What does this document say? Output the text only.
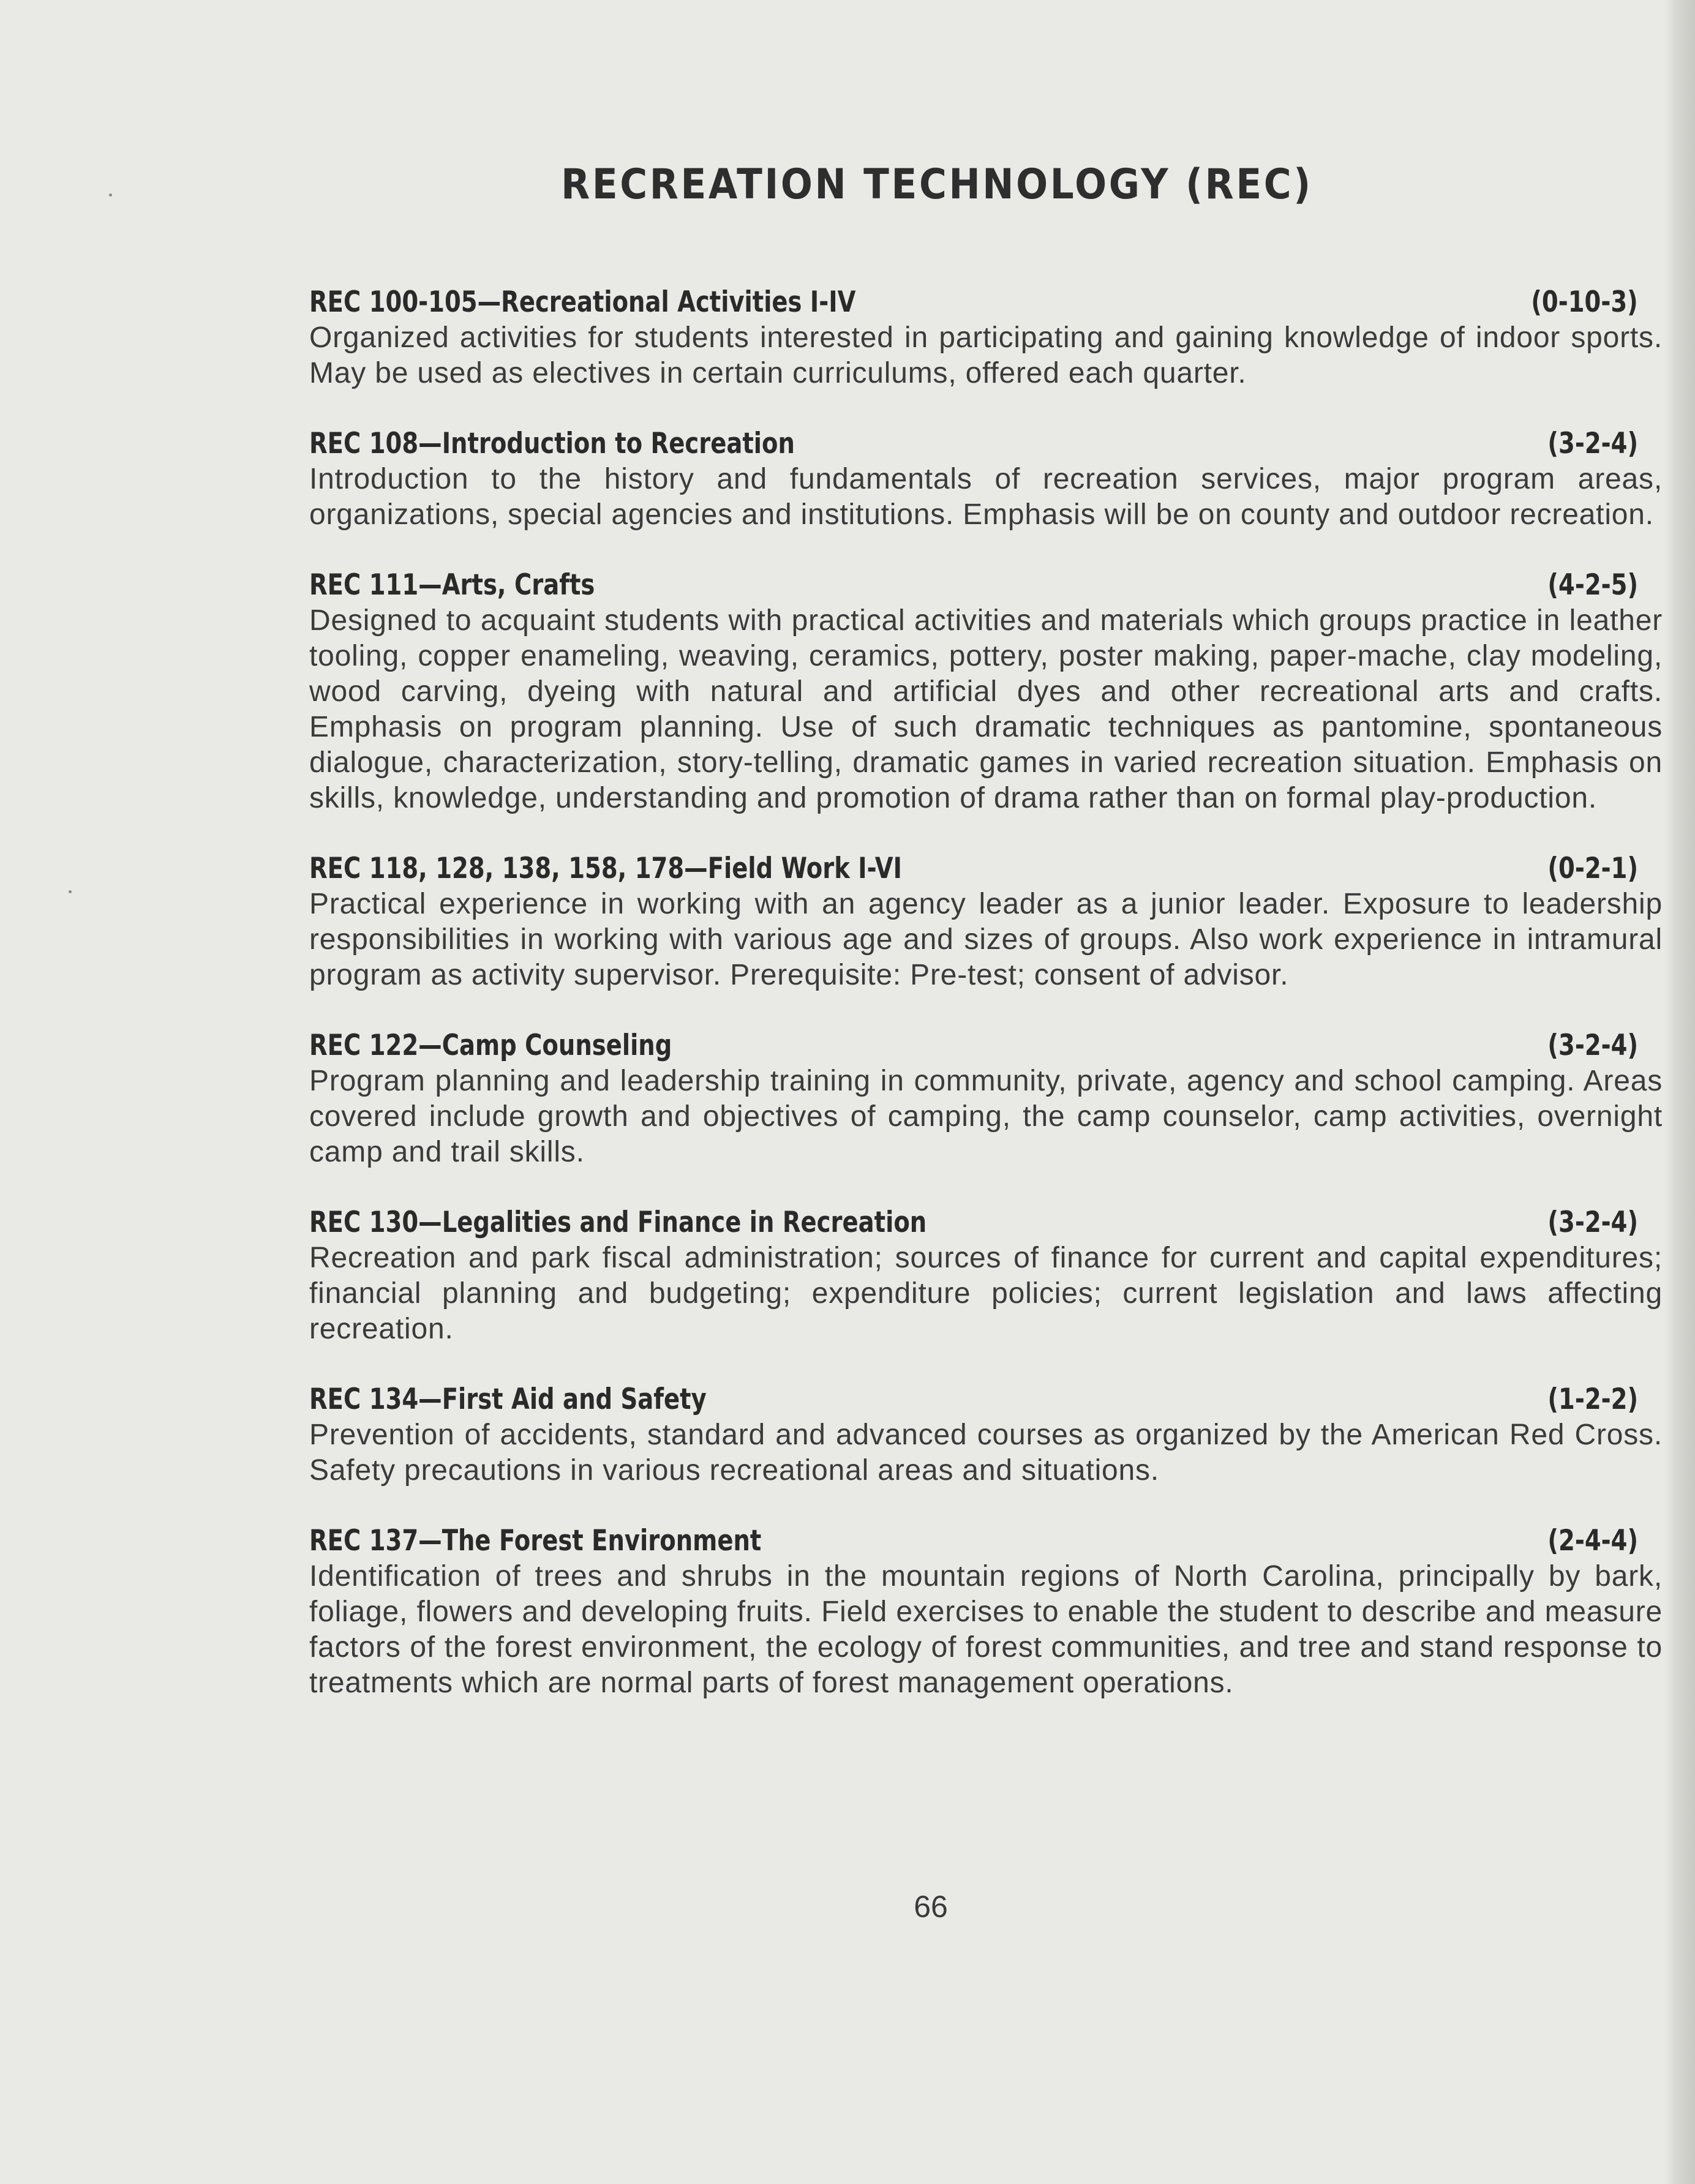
RECREATION TECHNOLOGY (REC)
REC 100-105—Recreational Activities I-IV	(0-10-3)
Organized activities for students interested in participating and gaining knowledge of indoor sports. May be used as electives in certain curriculums, offered each quarter.
REC 108—Introduction to Recreation	(3-2-4)
Introduction to the history and fundamentals of recreation services, major program areas, organizations, special agencies and institutions. Emphasis will be on county and outdoor recreation.
REC 111—Arts, Crafts	(4-2-5)
Designed to acquaint students with practical activities and materials which groups practice in leather tooling, copper enameling, weaving, ceramics, pottery, poster making, paper-mache, clay modeling, wood carving, dyeing with natural and artificial dyes and other recreational arts and crafts. Emphasis on program planning. Use of such dramatic techniques as pantomine, spontaneous dialogue, characterization, story-telling, dramatic games in varied recreation situation. Emphasis on skills, knowledge, understanding and promotion of drama rather than on formal play-production.
REC 118, 128, 138, 158, 178—Field Work I-VI	(0-2-1)
Practical experience in working with an agency leader as a junior leader. Exposure to leadership responsibilities in working with various age and sizes of groups. Also work experience in intramural program as activity supervisor. Prerequisite: Pre-test; consent of advisor.
REC 122—Camp Counseling	(3-2-4)
Program planning and leadership training in community, private, agency and school camping. Areas covered include growth and objectives of camping, the camp counselor, camp activities, overnight camp and trail skills.
REC 130—Legalities and Finance in Recreation	(3-2-4)
Recreation and park fiscal administration; sources of finance for current and capital expenditures; financial planning and budgeting; expenditure policies; current legislation and laws affecting recreation.
REC 134—First Aid and Safety	(1-2-2)
Prevention of accidents, standard and advanced courses as organized by the American Red Cross. Safety precautions in various recreational areas and situations.
REC 137—The Forest Environment	(2-4-4)
Identification of trees and shrubs in the mountain regions of North Carolina, principally by bark, foliage, flowers and developing fruits. Field exercises to enable the student to describe and measure factors of the forest environment, the ecology of forest communities, and tree and stand response to treatments which are normal parts of forest management operations.
66
